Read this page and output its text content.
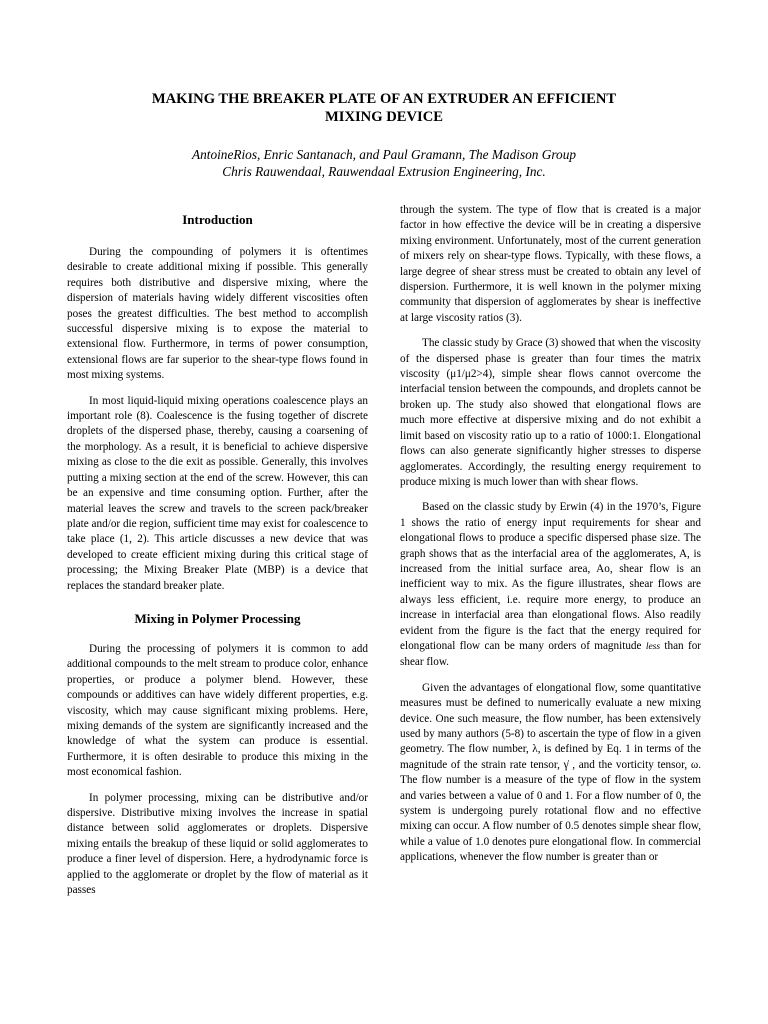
MAKING THE BREAKER PLATE OF AN EXTRUDER AN EFFICIENT
MIXING DEVICE
AntoineRios, Enric Santanach, and Paul Gramann, The Madison Group
Chris Rauwendaal, Rauwendaal Extrusion Engineering, Inc.
Introduction

During the compounding of polymers it is oftentimes desirable to create additional mixing if possible. This generally requires both distributive and dispersive mixing, where the dispersion of materials having widely different viscosities often poses the greatest difficulties. The best method to accomplish successful dispersive mixing is to expose the material to extensional flow. Furthermore, in terms of power consumption, extensional flows are far superior to the shear-type flows found in most mixing systems.

In most liquid-liquid mixing operations coalescence plays an important role (8). Coalescence is the fusing together of discrete droplets of the dispersed phase, thereby, causing a coarsening of the morphology. As a result, it is beneficial to achieve dispersive mixing as close to the die exit as possible. Generally, this involves putting a mixing section at the end of the screw. However, this can be an expensive and time consuming option. Further, after the material leaves the screw and travels to the screen pack/breaker plate and/or die region, sufficient time may exist for coalescence to take place (1, 2). This article discusses a new device that was developed to create efficient mixing during this critical stage of processing; the Mixing Breaker Plate (MBP) is a device that replaces the standard breaker plate.

Mixing in Polymer Processing

During the processing of polymers it is common to add additional compounds to the melt stream to produce color, enhance properties, or produce a polymer blend. However, these compounds or additives can have widely different properties, e.g. viscosity, which may cause significant mixing problems. Here, mixing demands of the system are significantly increased and the knowledge of what the system can produce is essential. Furthermore, it is often desirable to produce this mixing in the most economical fashion.

In polymer processing, mixing can be distributive and/or dispersive. Distributive mixing involves the increase in spatial distance between solid agglomerates or droplets. Dispersive mixing entails the breakup of these liquid or solid agglomerates to produce a finer level of dispersion. Here, a hydrodynamic force is applied to the agglomerate or droplet by the flow of material as it passes

through the system. The type of flow that is created is a major factor in how effective the device will be in creating a dispersive mixing environment. Unfortunately, most of the current generation of mixers rely on shear-type flows. Typically, with these flows, a large degree of shear stress must be created to obtain any level of dispersion. Furthermore, it is well known in the polymer mixing community that dispersion of agglomerates by shear is ineffective at large viscosity ratios (3).

The classic study by Grace (3) showed that when the viscosity of the dispersed phase is greater than four times the matrix viscosity (μ1/μ2>4), simple shear flows cannot overcome the interfacial tension between the compounds, and droplets cannot be broken up. The study also showed that elongational flows are much more effective at dispersive mixing and do not exhibit a limit based on viscosity ratio up to a ratio of 1000:1. Elongational flows can also generate significantly higher stresses to disperse agglomerates. Accordingly, the resulting energy requirement to produce mixing is much lower than with shear flows.

Based on the classic study by Erwin (4) in the 1970’s, Figure 1 shows the ratio of energy input requirements for shear and elongational flows to produce a specific dispersed phase size. The graph shows that as the interfacial area of the agglomerates, A, is increased from the initial surface area, Ao, shear flow is an inefficient way to mix. As the figure illustrates, shear flows are always less efficient, i.e. require more energy, to produce an increase in interfacial area than elongational flows. Also readily evident from the figure is the fact that the energy required for elongational flow can be many orders of magnitude less than for shear flow.

Given the advantages of elongational flow, some quantitative measures must be defined to numerically evaluate a new mixing device. One such measure, the flow number, has been extensively used by many authors (5-8) to ascertain the type of flow in a given geometry. The flow number, λ, is defined by Eq. 1 in terms of the magnitude of the strain rate tensor, γ̇ , and the vorticity tensor, ω. The flow number is a measure of the type of flow in the system and varies between a value of 0 and 1. For a flow number of 0, the system is undergoing purely rotational flow and no effective mixing can occur. A flow number of 0.5 denotes simple shear flow, while a value of 1.0 denotes pure elongational flow. In commercial applications, whenever the flow number is greater than or
